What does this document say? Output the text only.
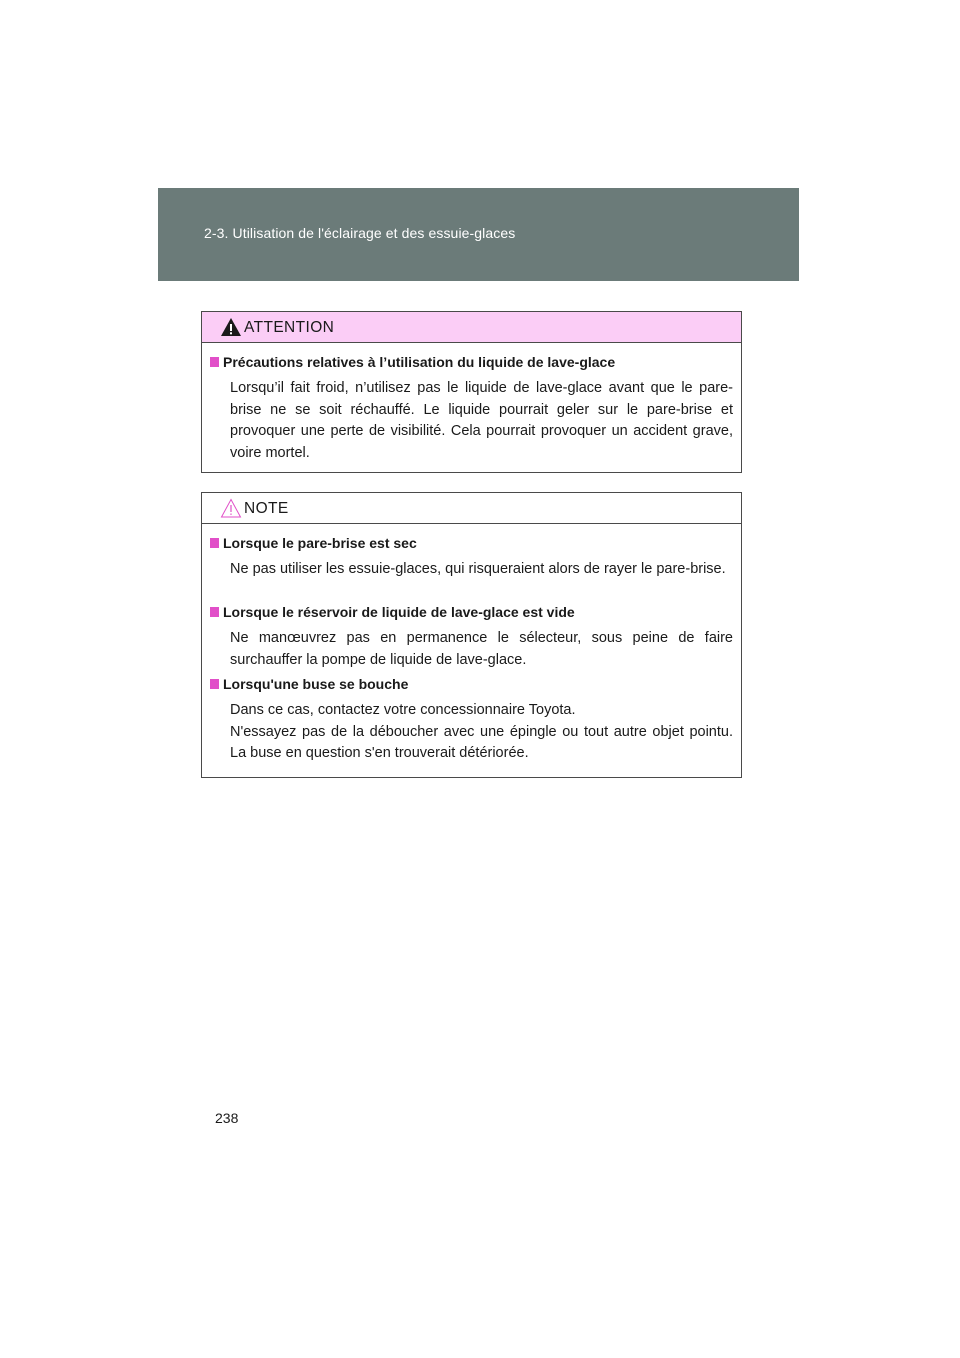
2-3. Utilisation de l'éclairage et des essuie-glaces
ATTENTION
Précautions relatives à l’utilisation du liquide de lave-glace
Lorsqu’il fait froid, n’utilisez pas le liquide de lave-glace avant que le pare-brise ne se soit réchauffé. Le liquide pourrait geler sur le pare-brise et provoquer une perte de visibilité. Cela pourrait provoquer un accident grave, voire mortel.
NOTE
Lorsque le pare-brise est sec
Ne pas utiliser les essuie-glaces, qui risqueraient alors de rayer le pare-brise.
Lorsque le réservoir de liquide de lave-glace est vide
Ne manœuvrez pas en permanence le sélecteur, sous peine de faire surchauffer la pompe de liquide de lave-glace.
Lorsqu'une buse se bouche
Dans ce cas, contactez votre concessionnaire Toyota.
N'essayez pas de la déboucher avec une épingle ou tout autre objet pointu. La buse en question s'en trouverait détériorée.
238
